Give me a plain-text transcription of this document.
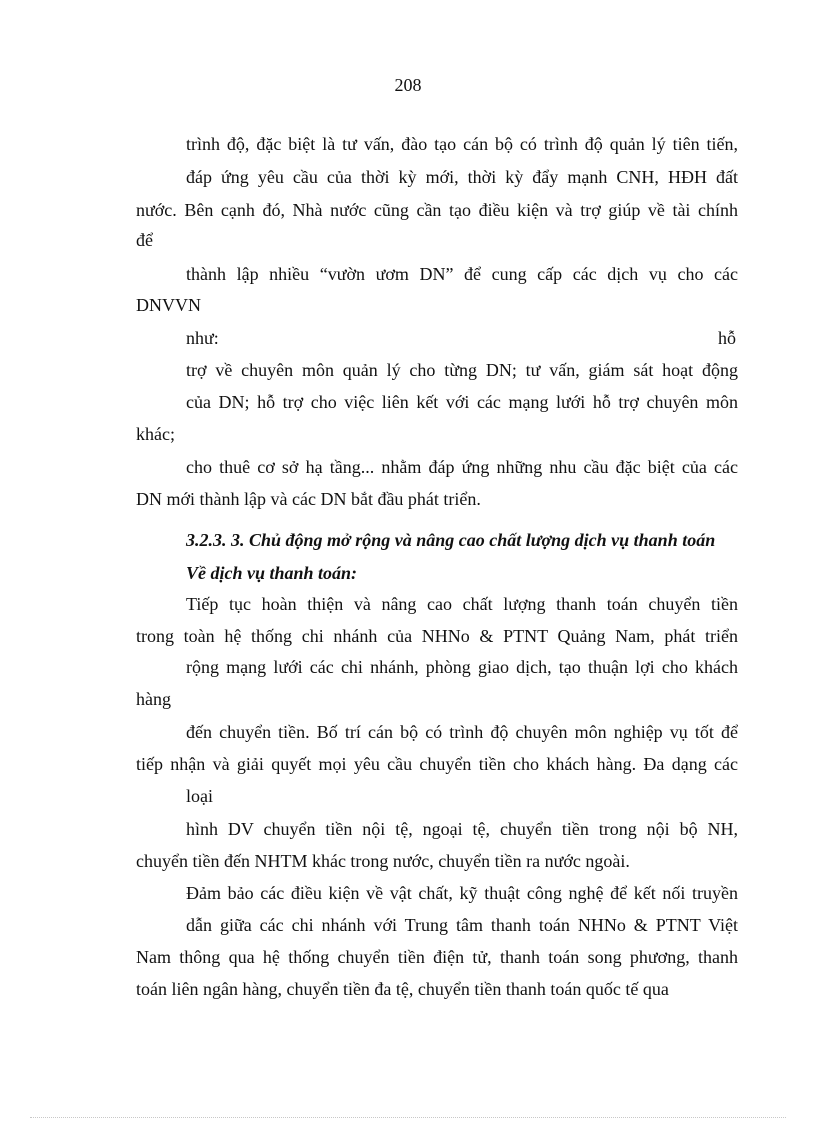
208
trình độ, đặc biệt là tư vấn, đào tạo cán bộ có trình độ quản lý tiên tiến,
đáp ứng yêu cầu của thời kỳ mới, thời kỳ đẩy mạnh CNH, HĐH đất
nước. Bên cạnh đó, Nhà nước cũng cần tạo điều kiện và trợ giúp về tài chính
để
thành lập nhiều “vườn ươm DN” để cung cấp các dịch vụ cho các
DNVVN
như:	hỗ
trợ về chuyên môn quản lý cho từng DN; tư vấn, giám sát hoạt động
của DN; hỗ trợ cho việc liên kết với các mạng lưới hỗ trợ chuyên môn
khác;
cho thuê cơ sở hạ tầng... nhằm đáp ứng những nhu cầu đặc biệt của các
DN mới thành lập và các DN bắt đầu phát triển.
3.2.3. 3. Chủ động mở rộng và nâng cao chất lượng dịch vụ thanh toán
Về dịch vụ thanh toán:
Tiếp tục hoàn thiện và nâng cao chất lượng thanh toán chuyển tiền
trong toàn hệ thống chi nhánh của NHNo & PTNT Quảng Nam, phát triển
rộng mạng lưới các chi nhánh, phòng giao dịch, tạo thuận lợi cho khách
hàng
đến chuyển tiền. Bố trí cán bộ có trình độ chuyên môn nghiệp vụ tốt để
tiếp nhận và giải quyết mọi yêu cầu chuyển tiền cho khách hàng. Đa dạng các
loại
hình DV chuyển tiền nội tệ, ngoại tệ, chuyển tiền trong nội bộ NH,
chuyển tiền đến NHTM khác trong nước, chuyển tiền ra nước ngoài.
Đảm bảo các điều kiện về vật chất, kỹ thuật công nghệ để kết nối truyền
dẫn giữa các chi nhánh với Trung tâm thanh toán NHNo & PTNT Việt
Nam thông qua hệ thống chuyển tiền điện tử, thanh toán song phương, thanh
toán liên ngân hàng, chuyển tiền đa tệ, chuyển tiền thanh toán quốc tế qua
